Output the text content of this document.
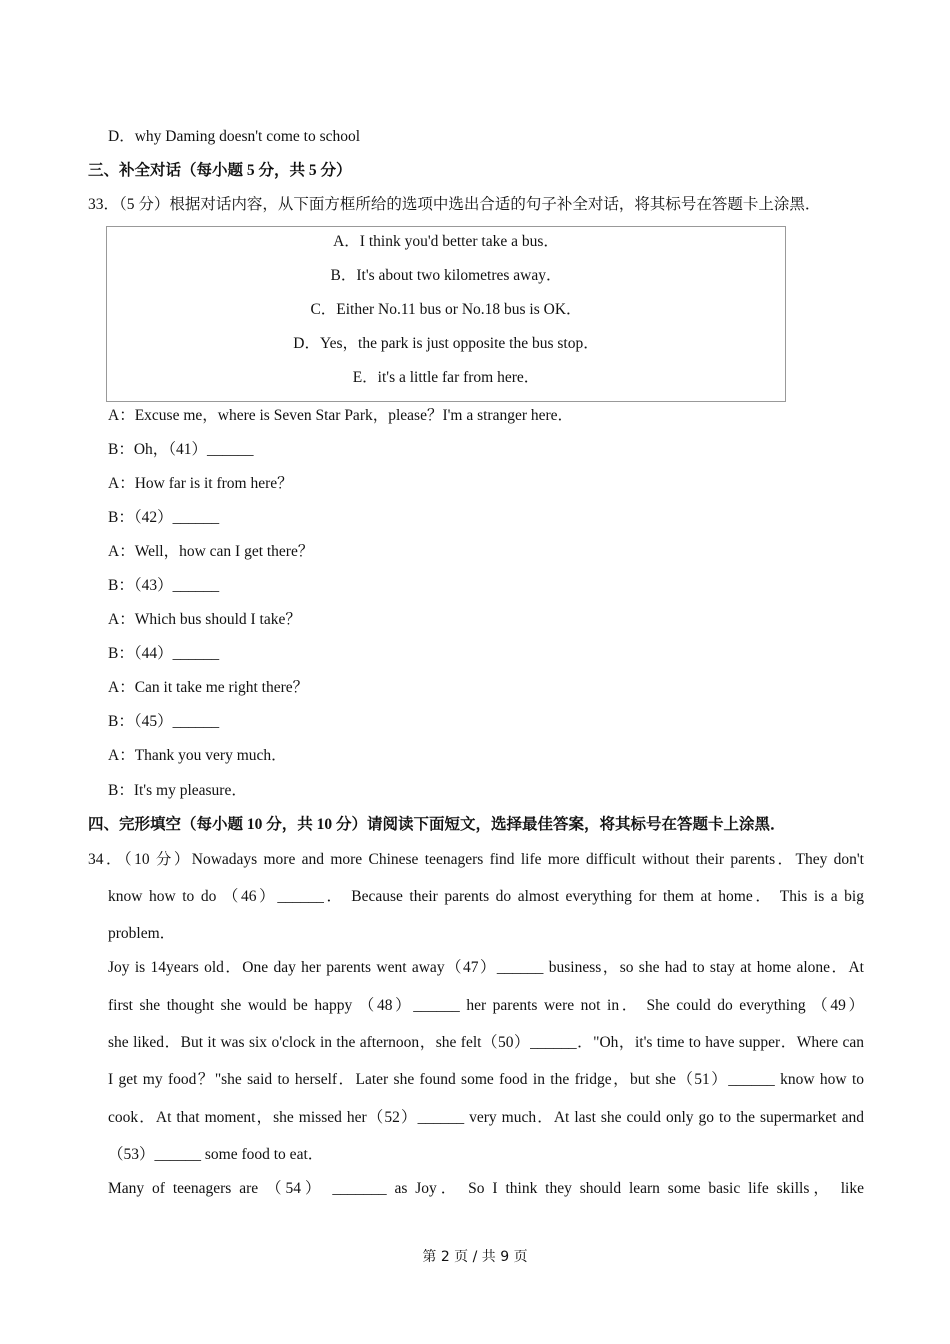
D．why Daming doesn't come to school
三、补全对话（每小题 5 分，共 5 分）
33．（5 分）根据对话内容，从下面方框所给的选项中选出合适的句子补全对话，将其标号在答题卡上涂黑．
A．I think you'd better take a bus．
B．It's about two kilometres away．
C．Either No.11 bus or No.18 bus is OK．
D．Yes，the park is just opposite the bus stop．
E．it's a little far from here．
A：Excuse me，where is Seven Star Park，please？I'm a stranger here．
B：Oh，（41）______
A：How far is it from here？
B：（42）______
A：Well，how can I get there？
B：（43）______
A：Which bus should I take？
B：（44）______
A：Can it take me right there？
B：（45）______
A：Thank you very much．
B：It's my pleasure．
四、完形填空（每小题 10 分，共 10 分）请阅读下面短文，选择最佳答案，将其标号在答题卡上涂黑．
34．（10 分）Nowadays more and more Chinese teenagers find life more difficult without their parents．They don't
know how to do （46）______． Because their parents do almost everything for them at home． This is a big
problem．
Joy is 14years old．One day her parents went away（47）______ business，so she had to stay at home alone．At
first she thought she would be happy （48）______ her parents were not in． She could do everything （49）
she liked．But it was six o'clock in the afternoon，she felt（50）______．"Oh，it's time to have supper．Where can
I get my food？"she said to herself．Later she found some food in the fridge，but she（51）______ know how to
cook．At that moment，she missed her（52）______ very much．At last she could only go to the supermarket and
（53）______ some food to eat．
Many of teenagers are （54） _______ as Joy． So I think they should learn some basic life skills， like
第 2 页 / 共 9 页
